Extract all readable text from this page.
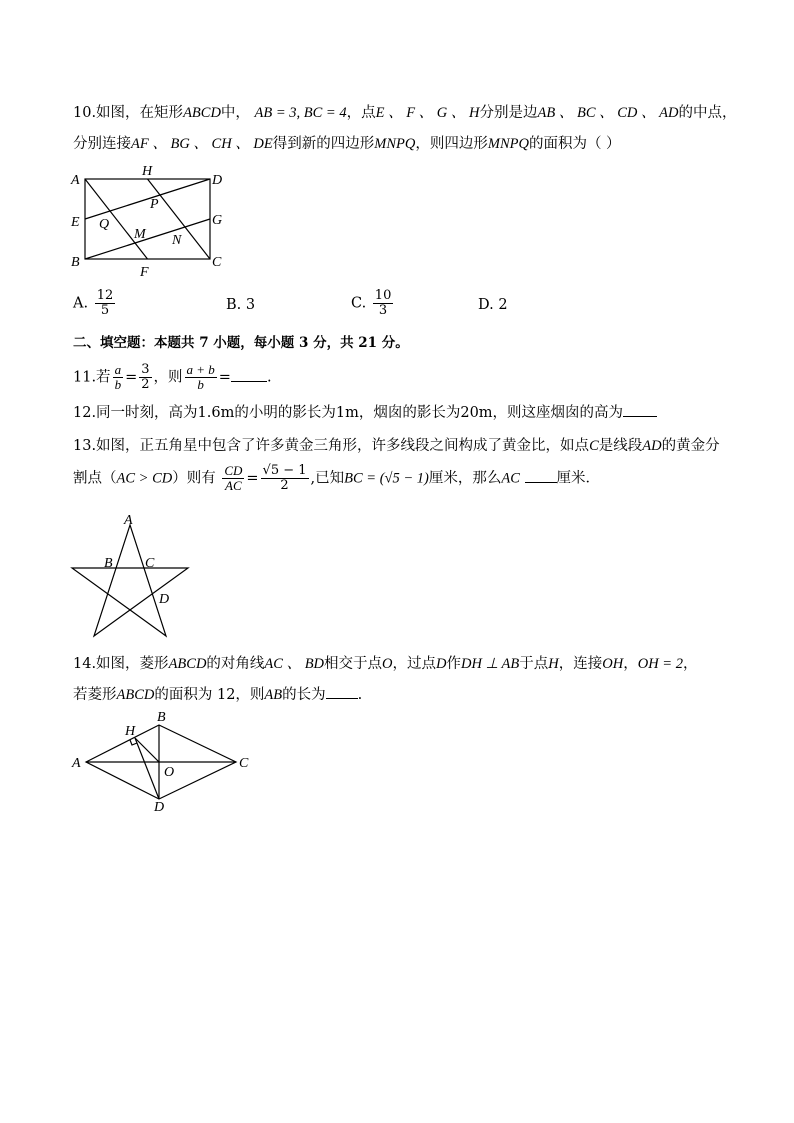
10.如图，在矩形ABCD中， AB = 3, BC = 4，点E 、 F 、 G 、 H分别是边AB 、 BC 、 CD 、 AD的中点，
分别连接AF 、 BG 、 CH 、 DE得到新的四边形MNPQ，则四边形MNPQ的面积为（ ）
A
B	C
D
E
F
G
H
P
Q
M N
A. $\frac{12}{5}$	B. 3	C. $\frac{10}{3}$	D. 2
二、填空题：本题共 7 小题，每小题 3 分，共 21 分。
11.若 $\frac{a}{b} = \frac{3}{2}$ ，则 $\frac{a + b}{b}$ = .
12.同一时刻，高为1.6m的小明的影长为1m，烟囱的影长为20m，则这座烟囱的高为
13.如图，正五角星中包含了许多黄金三角形，许多线段之间构成了黄金比，如点C是线段AD的黄金分
割点（AC > CD）则有 $\frac{CD}{AC} = \frac{√5 - 1}{2}$ ,已知BC = (√5 − 1)厘米，那么AC	厘米．
A
B C
D
14.如图，菱形ABCD的对角线AC 、 BD相交于点O，过点D作DH ⊥ AB于点H，连接OH，OH = 2，
若菱形ABCD的面积为 12，则AB的长为 .
A
B
C
D
H
O
